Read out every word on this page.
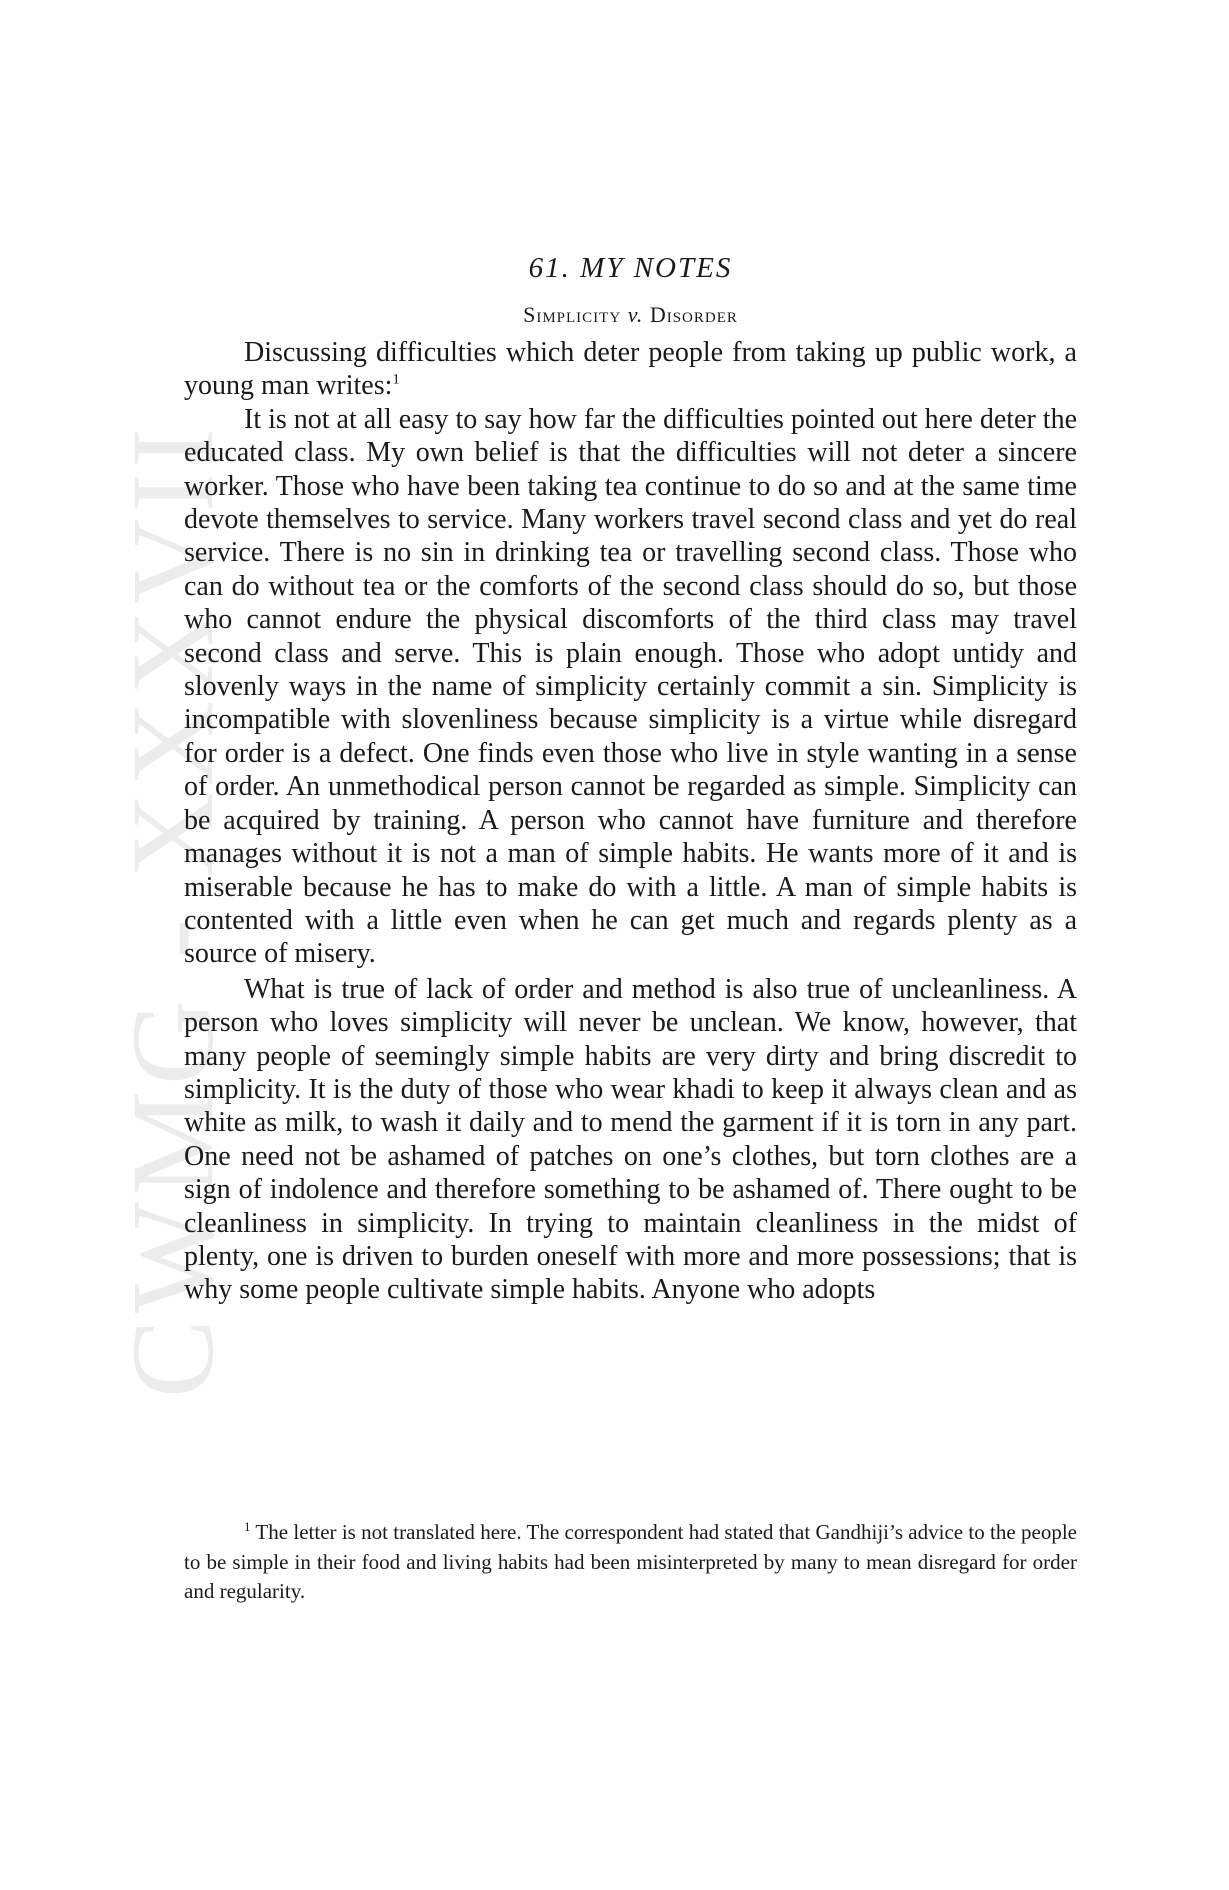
CWMG - XXXVII
61. MY NOTES
Simplicity v. Disorder

Discussing difficulties which deter people from taking up public work, a young man writes:$^1$

It is not at all easy to say how far the difficulties pointed out here deter the educated class. My own belief is that the difficulties will not deter a sincere worker. Those who have been taking tea continue to do so and at the same time devote themselves to service. Many workers travel second class and yet do real service. There is no sin in drinking tea or travelling second class. Those who can do without tea or the comforts of the second class should do so, but those who cannot endure the physical discomforts of the third class may travel second class and serve. This is plain enough. Those who adopt untidy and slovenly ways in the name of simplicity certainly commit a sin. Simplicity is incompatible with slovenliness because simplicity is a virtue while disregard for order is a defect. One finds even those who live in style wanting in a sense of order. An unmethodical person cannot be regarded as simple. Simplicity can be acquired by training. A person who cannot have furniture and therefore manages without it is not a man of simple habits. He wants more of it and is miserable because he has to make do with a little. A man of simple habits is contented with a little even when he can get much and regards plenty as a source of misery.

What is true of lack of order and method is also true of uncleanliness. A person who loves simplicity will never be unclean. We know, however, that many people of seemingly simple habits are very dirty and bring discredit to simplicity. It is the duty of those who wear khadi to keep it always clean and as white as milk, to wash it daily and to mend the garment if it is torn in any part. One need not be ashamed of patches on one’s clothes, but torn clothes are a sign of indolence and therefore something to be ashamed of. There ought to be cleanliness in simplicity. In trying to maintain cleanliness in the midst of plenty, one is driven to burden oneself with more and more possessions; that is why some people cultivate simple habits. Anyone who adopts

$^1$ The letter is not translated here. The correspondent had stated that Gandhiji’s advice to the people to be simple in their food and living habits had been misinterpreted by many to mean disregard for order and regularity.
